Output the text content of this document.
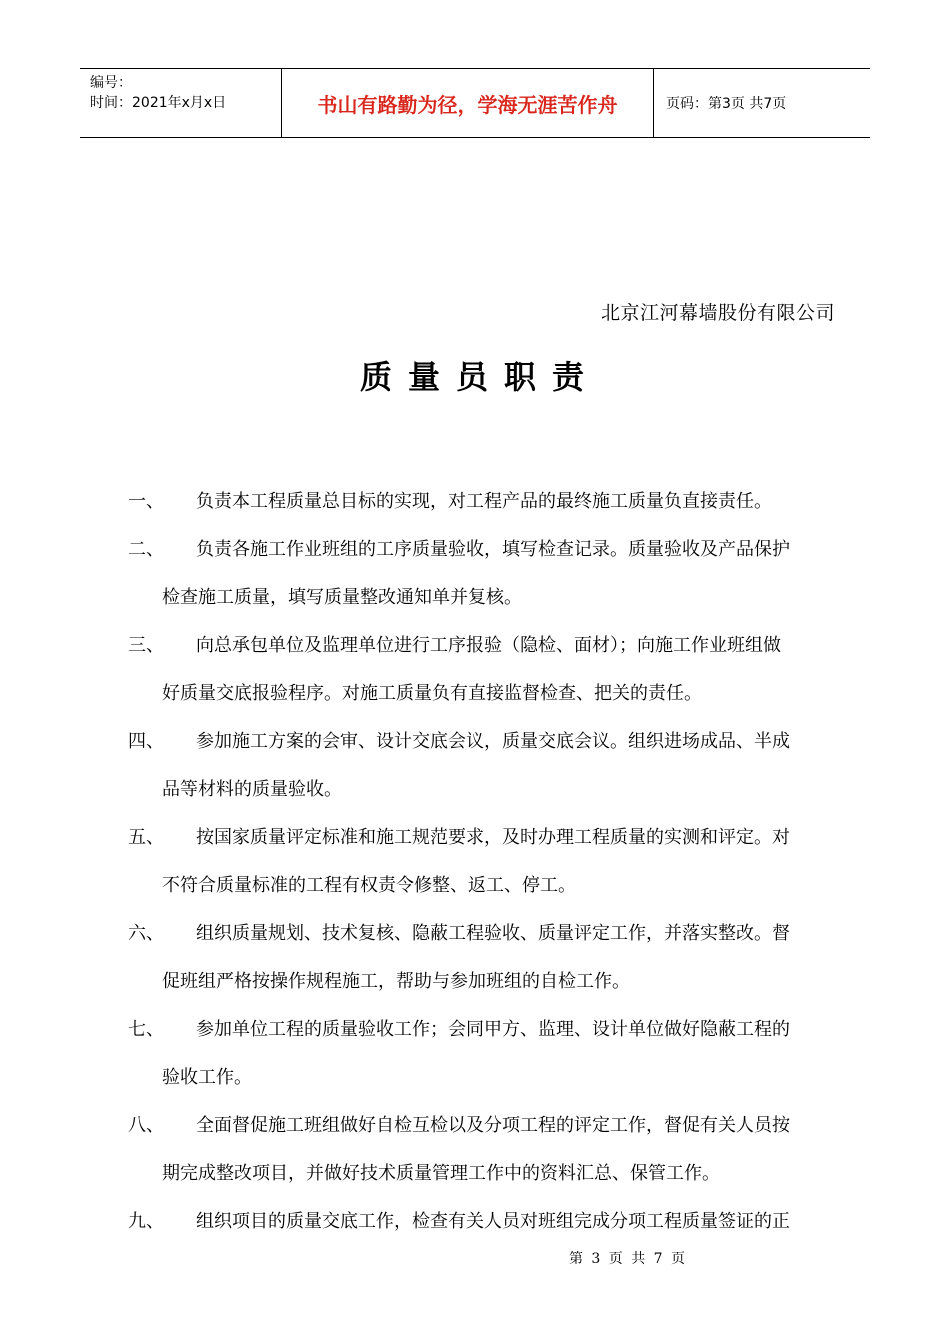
编号：
时间：2021年x月x日	书山有路勤为径，学海无涯苦作舟	页码：第3页 共7页
北京江河幕墙股份有限公司
质量员职责
一、	负责本工程质量总目标的实现，对工程产品的最终施工质量负直接责任。
二、	负责各施工作业班组的工序质量验收，填写检查记录。质量验收及产品保护
检查施工质量，填写质量整改通知单并复核。
三、	向总承包单位及监理单位进行工序报验（隐检、面材）；向施工作业班组做
好质量交底报验程序。对施工质量负有直接监督检查、把关的责任。
四、	参加施工方案的会审、设计交底会议，质量交底会议。组织进场成品、半成
品等材料的质量验收。
五、	按国家质量评定标准和施工规范要求，及时办理工程质量的实测和评定。对
不符合质量标准的工程有权责令修整、返工、停工。
六、	组织质量规划、技术复核、隐蔽工程验收、质量评定工作，并落实整改。督
促班组严格按操作规程施工，帮助与参加班组的自检工作。
七、	参加单位工程的质量验收工作；会同甲方、监理、设计单位做好隐蔽工程的
验收工作。
八、	全面督促施工班组做好自检互检以及分项工程的评定工作，督促有关人员按
期完成整改项目，并做好技术质量管理工作中的资料汇总、保管工作。
九、	组织项目的质量交底工作，检查有关人员对班组完成分项工程质量签证的正
第 3 页 共 7 页
